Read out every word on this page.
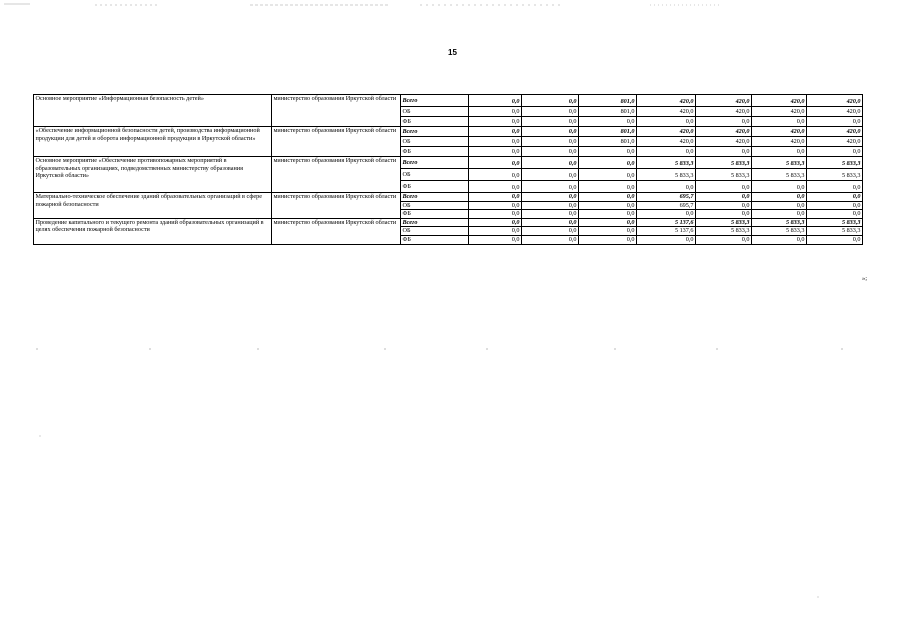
15
Основное мероприятие «Информационная безопасность детей»	министерство образования Иркутской области	Всего	0,0	0,0	801,0	420,0	420,0	420,0	420,0
		ОБ	0,0	0,0	801,0	420,0	420,0	420,0	420,0
		ФБ	0,0	0,0	0,0	0,0	0,0	0,0	0,0
«Обеспечение информационной безопасности детей, производства информационной продукции для детей и оборота информационной продукции в Иркутской области»	министерство образования Иркутской области	Всего	0,0	0,0	801,0	420,0	420,0	420,0	420,0
		ОБ	0,0	0,0	801,0	420,0	420,0	420,0	420,0
		ФБ	0,0	0,0	0,0	0,0	0,0	0,0	0,0
Основное мероприятие «Обеспечение противопожарных мероприятий в образовательных организациях, подведомственных министерству образования Иркутской области»	министерство образования Иркутской области	Всего	0,0	0,0	0,0	5 833,3	5 833,3	5 833,3	5 833,3
		ОБ	0,0	0,0	0,0	5 833,3	5 833,3	5 833,3	5 833,3
		ФБ	0,0	0,0	0,0	0,0	0,0	0,0	0,0
Материально-техническое обеспечение зданий образовательных организаций в сфере пожарной безопасности	министерство образования Иркутской области	Всего	0,0	0,0	0,0	695,7	0,0	0,0	0,0
		ОБ	0,0	0,0	0,0	695,7	0,0	0,0	0,0
		ФБ	0,0	0,0	0,0	0,0	0,0	0,0	0,0
Проведение капитального и текущего ремонта зданий образовательных организаций в целях обеспечения пожарной безопасности	министерство образования Иркутской области	Всего	0,0	0,0	0,0	5 137,6	5 833,3	5 833,3	5 833,3
		ОБ	0,0	0,0	0,0	5 137,6	5 833,3	5 833,3	5 833,3
		ФБ	0,0	0,0	0,0	0,0	0,0	0,0	0,0
»;
